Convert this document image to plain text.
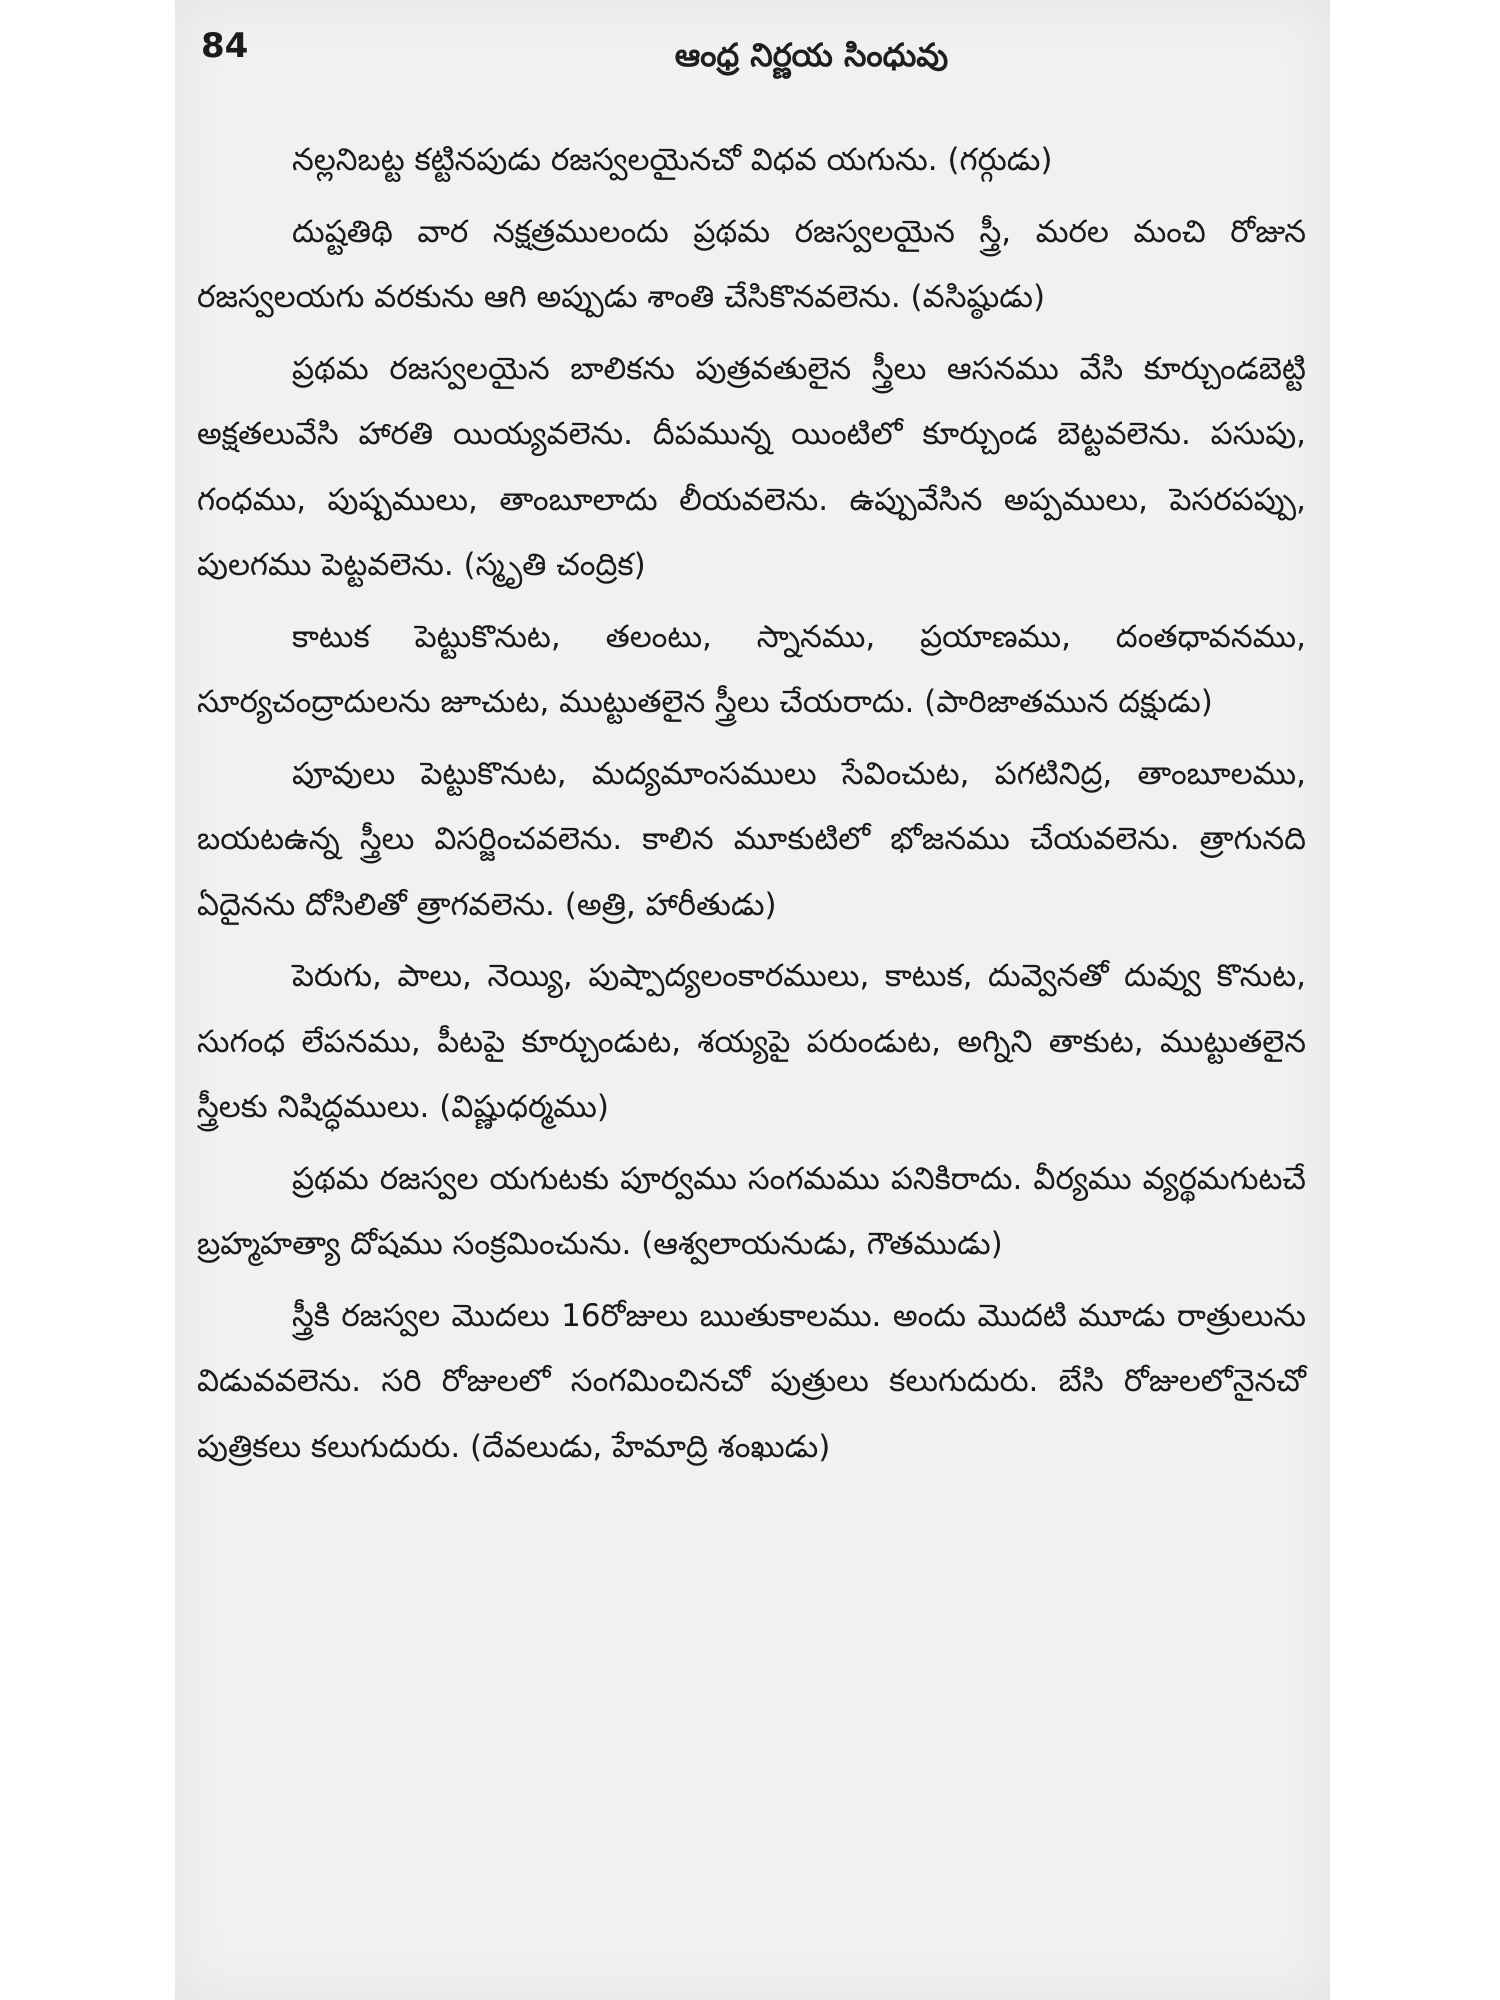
84	ఆంధ్ర నిర్ణయ సింధువు

నల్లనిబట్ట కట్టినపుడు రజస్వలయైనచో విధవ యగును. (గర్గుడు)

దుష్టతిథి వార నక్షత్రములందు ప్రథమ రజస్వలయైన స్త్రీ, మరల మంచి రోజున రజస్వలయగు వరకును ఆగి అప్పుడు శాంతి చేసికొనవలెను. (వసిష్ఠుడు)

ప్రథమ రజస్వలయైన బాలికను పుత్రవతులైన స్త్రీలు ఆసనము వేసి కూర్చుండబెట్టి అక్షతలువేసి హారతి యియ్యవలెను. దీపమున్న యింటిలో కూర్చుండ బెట్టవలెను. పసుపు, గంధము, పుష్పములు, తాంబూలాదు లీయవలెను. ఉప్పువేసిన అప్పములు, పెసరపప్పు, పులగము పెట్టవలెను. (స్మృతి చంద్రిక)

కాటుక పెట్టుకొనుట, తలంటు, స్నానము, ప్రయాణము, దంతధావనము, సూర్యచంద్రాదులను జూచుట, ముట్టుతలైన స్త్రీలు చేయరాదు. (పారిజాతమున దక్షుడు)

పూవులు పెట్టుకొనుట, మద్యమాంసములు సేవించుట, పగటినిద్ర, తాంబూలము, బయటఉన్న స్త్రీలు విసర్జించవలెను. కాలిన మూకుటిలో భోజనము చేయవలెను. త్రాగునది ఏదైనను దోసిలితో త్రాగవలెను. (అత్రి, హారీతుడు)

పెరుగు, పాలు, నెయ్యి, పుష్పాద్యలంకారములు, కాటుక, దువ్వెనతో దువ్వు కొనుట, సుగంధ లేపనము, పీటపై కూర్చుండుట, శయ్యపై పరుండుట, అగ్నిని తాకుట, ముట్టుతలైన స్త్రీలకు నిషిద్ధములు. (విష్ణుధర్మము)

ప్రథమ రజస్వల యగుటకు పూర్వము సంగమము పనికిరాదు. వీర్యము వ్యర్థమగుటచే బ్రహ్మహత్యా దోషము సంక్రమించును. (ఆశ్వలాయనుడు, గౌతముడు)

స్త్రీకి రజస్వల మొదలు 16రోజులు ఋతుకాలము. అందు మొదటి మూడు రాత్రులును విడువవలెను. సరి రోజులలో సంగమించినచో పుత్రులు కలుగుదురు. బేసి రోజులలోనైనచో పుత్రికలు కలుగుదురు. (దేవలుడు, హేమాద్రి శంఖుడు)
